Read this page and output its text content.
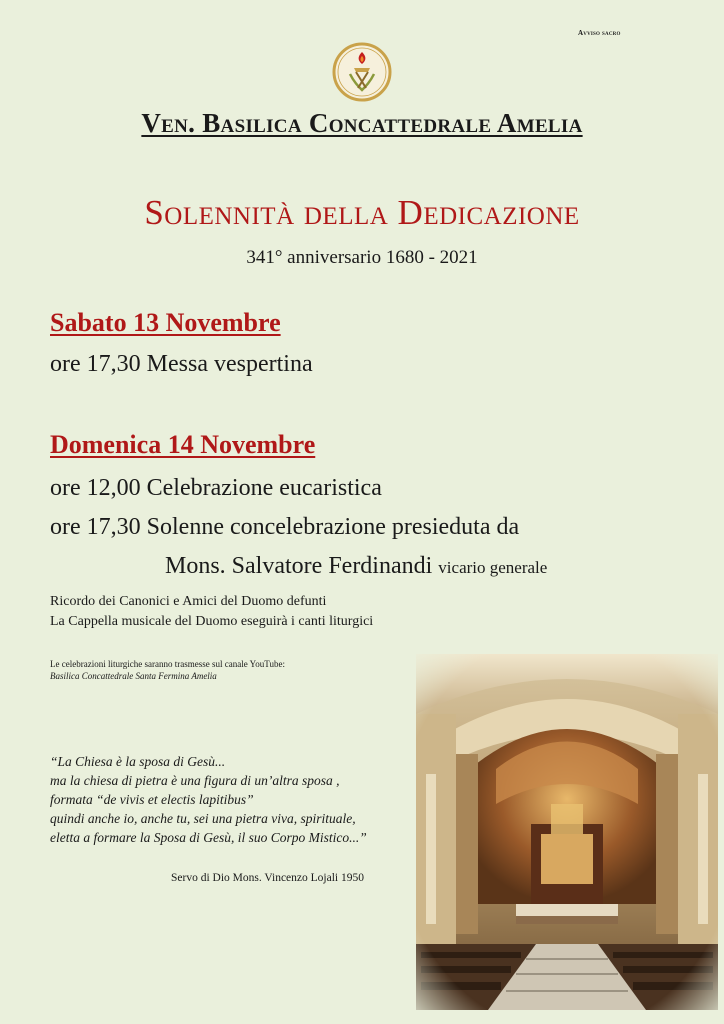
Avviso sacro
Ven. Basilica Concattedrale Amelia
Solennità della Dedicazione
341° anniversario 1680 - 2021
Sabato 13 Novembre
ore 17,30 Messa vespertina
Domenica 14 Novembre
ore 12,00 Celebrazione eucaristica
ore 17,30 Solenne concelebrazione presieduta da
Mons. Salvatore Ferdinandi vicario generale
Ricordo dei Canonici e Amici del Duomo defunti
La Cappella musicale del Duomo eseguirà i canti liturgici
Le celebrazioni liturgiche saranno trasmesse sul canale YouTube:
Basilica Concattedrale Santa Fermina Amelia
“La Chiesa è la sposa di Gesù...
ma la chiesa di pietra è una figura di un’altra sposa ,
formata “de vivis et electis lapitibus”
quindi anche io, anche tu, sei una pietra viva, spirituale,
eletta a formare la Sposa di Gesù, il suo Corpo Mistico...”
Servo di Dio Mons. Vincenzo Lojali 1950
